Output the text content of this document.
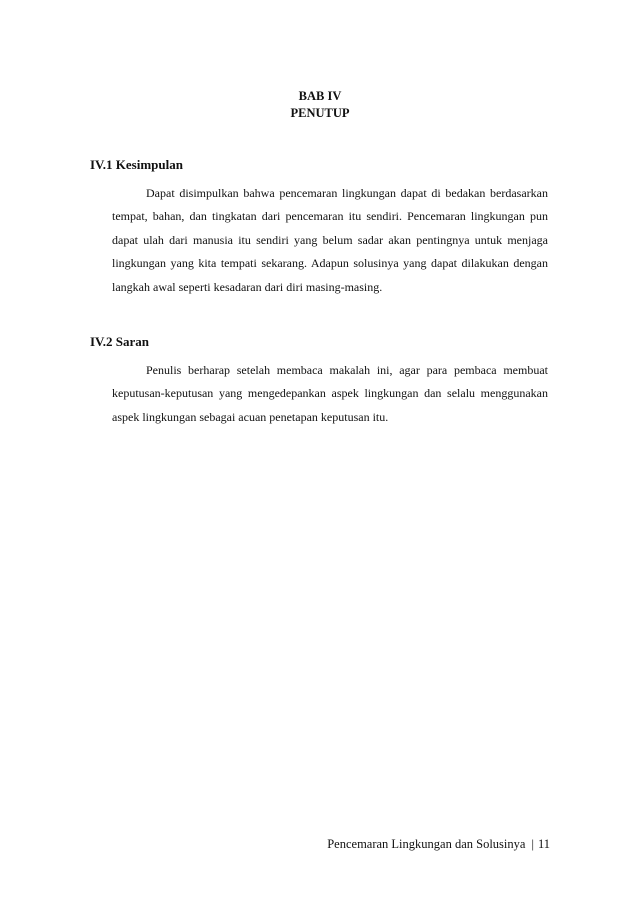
BAB IV
PENUTUP
IV.1 Kesimpulan
Dapat disimpulkan bahwa pencemaran lingkungan dapat di bedakan berdasarkan tempat, bahan, dan tingkatan dari pencemaran itu sendiri. Pencemaran lingkungan pun dapat ulah dari manusia itu sendiri yang belum sadar akan pentingnya untuk menjaga lingkungan yang kita tempati sekarang. Adapun solusinya yang dapat dilakukan dengan langkah awal seperti kesadaran dari diri masing-masing.
IV.2 Saran
Penulis berharap setelah membaca makalah ini, agar para pembaca membuat keputusan-keputusan yang mengedepankan aspek lingkungan dan selalu menggunakan aspek lingkungan sebagai acuan penetapan keputusan itu.
Pencemaran Lingkungan dan Solusinya | 11
